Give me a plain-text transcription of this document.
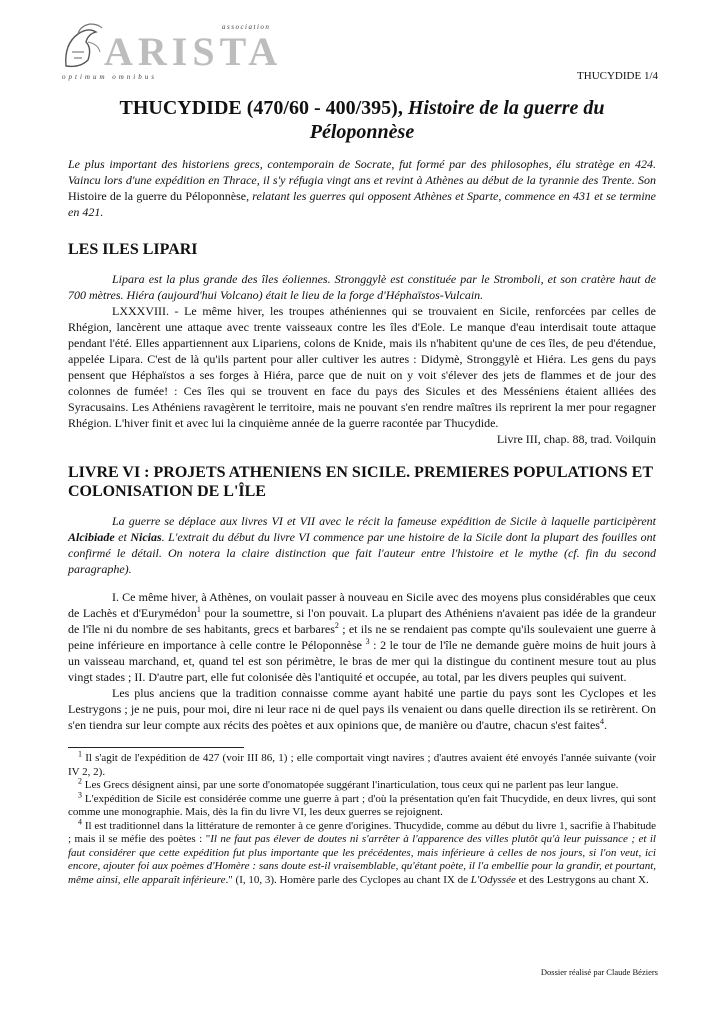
association
ARISTA
optimum omnibus	THUCYDIDE 1/4
THUCYDIDE (470/60 - 400/395), Histoire de la guerre du Péloponnèse

Le plus important des historiens grecs, contemporain de Socrate, fut formé par des philosophes, élu stratège en 424. Vaincu lors d'une expédition en Thrace, il s'y réfugia vingt ans et revint à Athènes au début de la tyrannie des Trente. Son Histoire de la guerre du Péloponnèse, relatant les guerres qui opposent Athènes et Sparte, commence en 431 et se termine en 421.

LES ILES LIPARI

Lipara est la plus grande des îles éoliennes. Stronggylè est constituée par le Stromboli, et son cratère haut de 700 mètres. Hiéra (aujourd'hui Volcano) était le lieu de la forge d'Héphaïstos-Vulcain.

LXXXVIII. - Le même hiver, les troupes athéniennes qui se trouvaient en Sicile, renforcées par celles de Rhégion, lancèrent une attaque avec trente vaisseaux contre les îles d'Eole. Le manque d'eau interdisait toute attaque pendant l'été. Elles appartiennent aux Lipariens, colons de Knide, mais ils n'habitent qu'une de ces îles, de peu d'étendue, appelée Lipara. C'est de là qu'ils partent pour aller cultiver les autres : Didymè, Stronggylè et Hiéra. Les gens du pays pensent que Héphaïstos a ses forges à Hiéra, parce que de nuit on y voit s'élever des jets de flammes et de jour des colonnes de fumée! : Ces îles qui se trouvent en face du pays des Sicules et des Messéniens étaient alliées des Syracusains. Les Athéniens ravagèrent le territoire, mais ne pouvant s'en rendre maîtres ils reprirent la mer pour regagner Rhégion. L'hiver finit et avec lui la cinquième année de la guerre racontée par Thucydide.

Livre III, chap. 88, trad. Voilquin

LIVRE VI : PROJETS ATHENIENS EN SICILE. PREMIERES POPULATIONS ET COLONISATION DE L'ÎLE

La guerre se déplace aux livres VI et VII avec le récit la fameuse expédition de Sicile à laquelle participèrent Alcibiade et Nicias. L'extrait du début du livre VI commence par une histoire de la Sicile dont la plupart des fouilles ont confirmé le détail. On notera la claire distinction que fait l'auteur entre l'histoire et le mythe (cf. fin du second paragraphe).

I. Ce même hiver, à Athènes, on voulait passer à nouveau en Sicile avec des moyens plus considérables que ceux de Lachès et d'Eurymédon$^1$ pour la soumettre, si l'on pouvait. La plupart des Athéniens n'avaient pas idée de la grandeur de l'île ni du nombre de ses habitants, grecs et barbares$^2$ ; et ils ne se rendaient pas compte qu'ils soulevaient une guerre à peine inférieure en importance à celle contre le Péloponnèse $^3$ : 2 le tour de l'île ne demande guère moins de huit jours à un vaisseau marchand, et, quand tel est son périmètre, le bras de mer qui la distingue du continent mesure tout au plus vingt stades ; II. D'autre part, elle fut colonisée dès l'antiquité et occupée, au total, par les divers peuples qui suivent.

Les plus anciens que la tradition connaisse comme ayant habité une partie du pays sont les Cyclopes et les Lestrygons ; je ne puis, pour moi, dire ni leur race ni de quel pays ils venaient ou dans quelle direction ils se retirèrent. On s'en tiendra sur leur compte aux récits des poètes et aux opinions que, de manière ou d'autre, chacun s'est faites$^4$.

$^1$ Il s'agit de l'expédition de 427 (voir III 86, 1) ; elle comportait vingt navires ; d'autres avaient été envoyés l'année suivante (voir IV 2, 2).

$^2$ Les Grecs désignent ainsi, par une sorte d'onomatopée suggérant l'inarticulation, tous ceux qui ne parlent pas leur langue.

$^3$ L'expédition de Sicile est considérée comme une guerre à part ; d'où la présentation qu'en fait Thucydide, en deux livres, qui sont comme une monographie. Mais, dès la fin du livre VI, les deux guerres se rejoignent.

$^4$ Il est traditionnel dans la littérature de remonter à ce genre d'origines. Thucydide, comme au début du livre 1, sacrifie à l'habitude ; mais il se méfie des poètes : "Il ne faut pas élever de doutes ni s'arrêter à l'apparence des villes plutôt qu'à leur puissance ; et il faut considérer que cette expédition fut plus importante que les précédentes, mais inférieure à celles de nos jours, si l'on veut, ici encore, ajouter foi aux poèmes d'Homère : sans doute est-il vraisemblable, qu'étant poète, il l'a embellie pour la grandir, et pourtant, même ainsi, elle apparaît inférieure." (I, 10, 3). Homère parle des Cyclopes au chant IX de L'Odyssée et des Lestrygons au chant X.

Dossier réalisé par Claude Béziers
